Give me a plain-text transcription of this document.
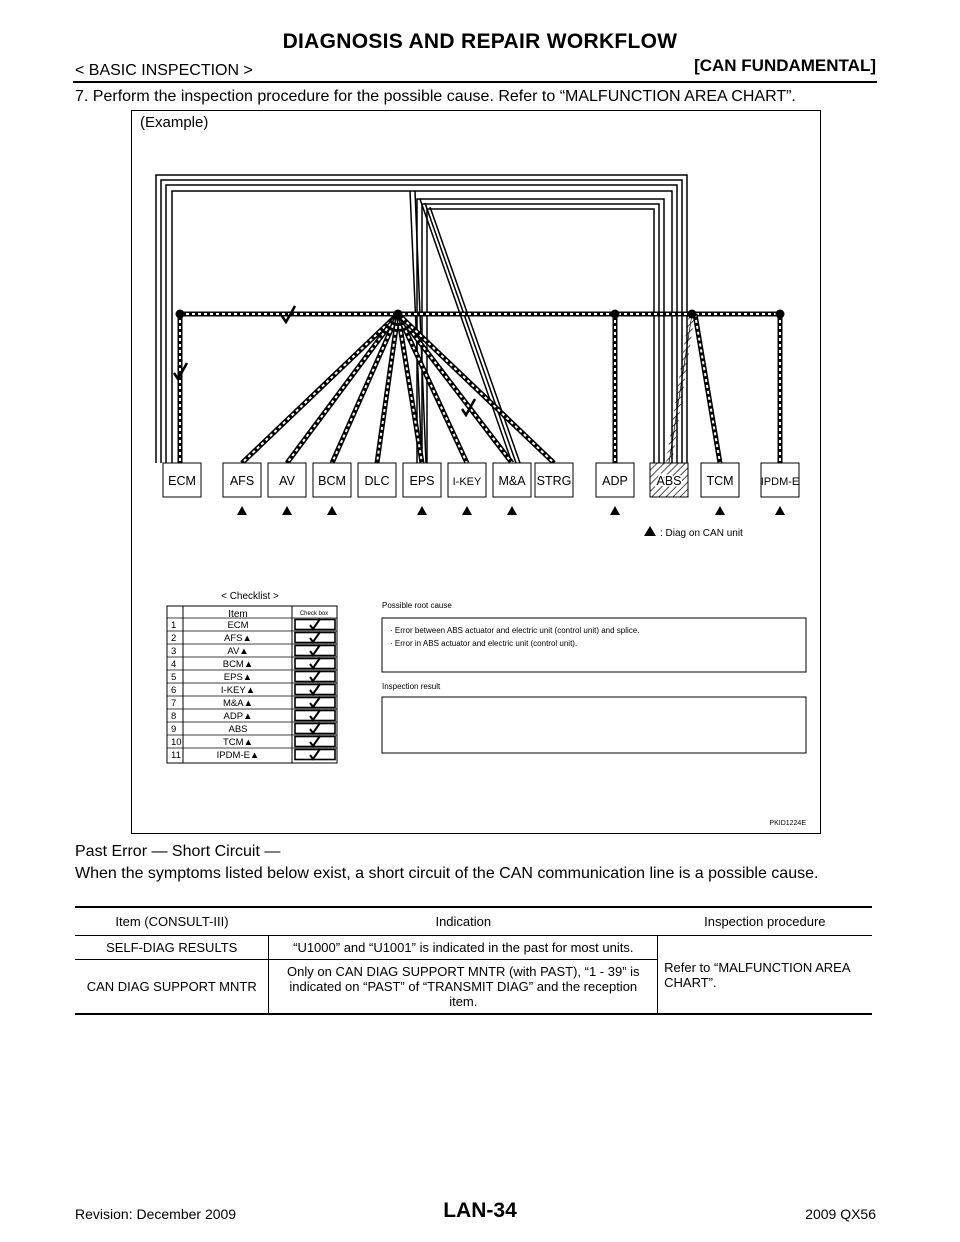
DIAGNOSIS AND REPAIR WORKFLOW
< BASIC INSPECTION >	[CAN FUNDAMENTAL]
7. Perform the inspection procedure for the possible cause. Refer to “MALFUNCTION AREA CHART”.
(Example)
ECM	AFS AV BCM DLC EPS I-KEY M&A STRG ADP ABS TCM IPDM-E
: Diag on CAN unit
< Checklist >
Item	Check box
1	ECM
2	AFS▲
3	AV▲
4	BCM▲
5	EPS▲
6	I-KEY▲
7	M&A▲
8	ADP▲
9	ABS
10	TCM▲
11	IPDM-E▲
Possible root cause
· Error between ABS actuator and electric unit (control unit) and splice.
· Error in ABS actuator and electric unit (control unit).
Inspection result
PKID1224E
Past Error — Short Circuit —
When the symptoms listed below exist, a short circuit of the CAN communication line is a possible cause.
Item (CONSULT-III)	Indication	Inspection procedure
SELF-DIAG RESULTS	“U1000” and “U1001” is indicated in the past for most units.	Refer to “MALFUNCTION AREA CHART”.
CAN DIAG SUPPORT MNTR	Only on CAN DIAG SUPPORT MNTR (with PAST), “1 - 39” is indicated on “PAST” of “TRANSMIT DIAG” and the reception item.	
Revision: December 2009	LAN-34	2009 QX56
